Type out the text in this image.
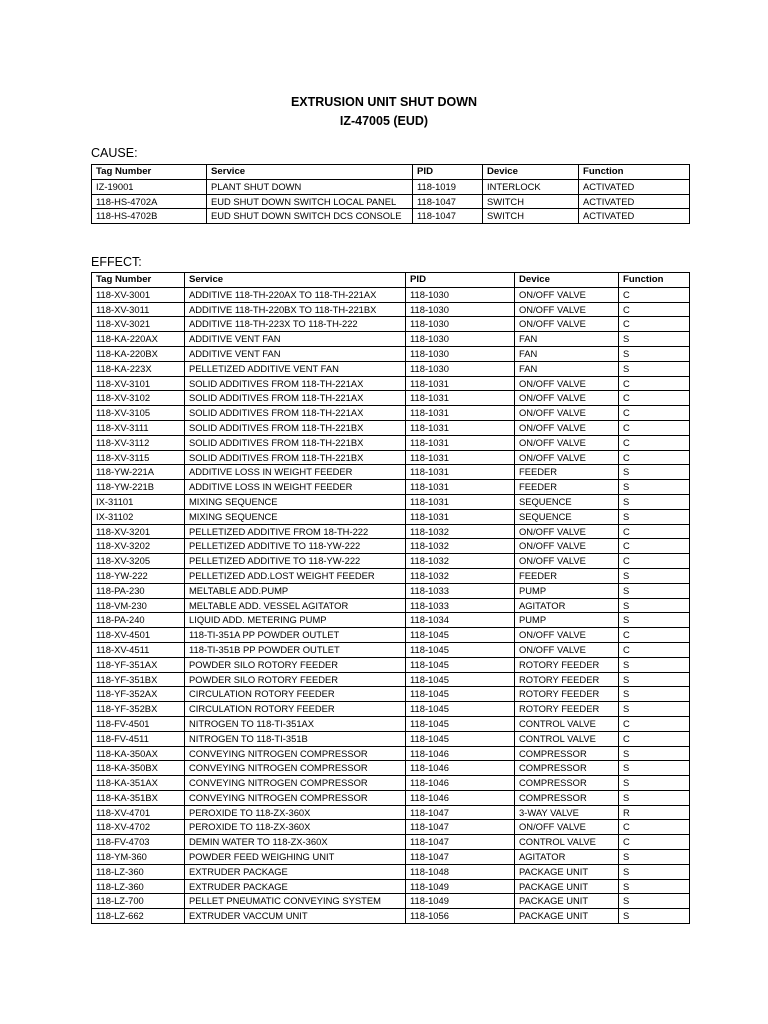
EXTRUSION UNIT SHUT DOWN
IZ-47005 (EUD)
CAUSE:
Tag Number	Service	PID	Device	Function
IZ-19001	PLANT SHUT DOWN	118-1019	INTERLOCK	ACTIVATED
118-HS-4702A	EUD SHUT DOWN SWITCH LOCAL PANEL	118-1047	SWITCH	ACTIVATED
118-HS-4702B	EUD SHUT DOWN SWITCH DCS CONSOLE	118-1047	SWITCH	ACTIVATED
EFFECT:
Tag Number	Service	PID	Device	Function
118-XV-3001	ADDITIVE 118-TH-220AX TO 118-TH-221AX	118-1030	ON/OFF VALVE	C
118-XV-3011	ADDITIVE 118-TH-220BX TO 118-TH-221BX	118-1030	ON/OFF VALVE	C
118-XV-3021	ADDITIVE 118-TH-223X TO 118-TH-222	118-1030	ON/OFF VALVE	C
118-KA-220AX	ADDITIVE VENT FAN	118-1030	FAN	S
118-KA-220BX	ADDITIVE VENT FAN	118-1030	FAN	S
118-KA-223X	PELLETIZED ADDITIVE VENT FAN	118-1030	FAN	S
118-XV-3101	SOLID ADDITIVES FROM 118-TH-221AX	118-1031	ON/OFF VALVE	C
118-XV-3102	SOLID ADDITIVES FROM 118-TH-221AX	118-1031	ON/OFF VALVE	C
118-XV-3105	SOLID ADDITIVES FROM 118-TH-221AX	118-1031	ON/OFF VALVE	C
118-XV-3111	SOLID ADDITIVES FROM 118-TH-221BX	118-1031	ON/OFF VALVE	C
118-XV-3112	SOLID ADDITIVES FROM 118-TH-221BX	118-1031	ON/OFF VALVE	C
118-XV-3115	SOLID ADDITIVES FROM 118-TH-221BX	118-1031	ON/OFF VALVE	C
118-YW-221A	ADDITIVE LOSS IN WEIGHT FEEDER	118-1031	FEEDER	S
118-YW-221B	ADDITIVE LOSS IN WEIGHT FEEDER	118-1031	FEEDER	S
IX-31101	MIXING SEQUENCE	118-1031	SEQUENCE	S
IX-31102	MIXING SEQUENCE	118-1031	SEQUENCE	S
118-XV-3201	PELLETIZED ADDITIVE FROM 18-TH-222	118-1032	ON/OFF VALVE	C
118-XV-3202	PELLETIZED ADDITIVE TO 118-YW-222	118-1032	ON/OFF VALVE	C
118-XV-3205	PELLETIZED ADDITIVE TO 118-YW-222	118-1032	ON/OFF VALVE	C
118-YW-222	PELLETIZED ADD.LOST WEIGHT FEEDER	118-1032	FEEDER	S
118-PA-230	MELTABLE ADD.PUMP	118-1033	PUMP	S
118-VM-230	MELTABLE ADD. VESSEL AGITATOR	118-1033	AGITATOR	S
118-PA-240	LIQUID ADD. METERING PUMP	118-1034	PUMP	S
118-XV-4501	118-TI-351A PP POWDER OUTLET	118-1045	ON/OFF VALVE	C
118-XV-4511	118-TI-351B PP POWDER OUTLET	118-1045	ON/OFF VALVE	C
118-YF-351AX	POWDER SILO ROTORY FEEDER	118-1045	ROTORY FEEDER	S
118-YF-351BX	POWDER SILO ROTORY FEEDER	118-1045	ROTORY FEEDER	S
118-YF-352AX	CIRCULATION ROTORY FEEDER	118-1045	ROTORY FEEDER	S
118-YF-352BX	CIRCULATION ROTORY FEEDER	118-1045	ROTORY FEEDER	S
118-FV-4501	NITROGEN TO 118-TI-351AX	118-1045	CONTROL VALVE	C
118-FV-4511	NITROGEN TO 118-TI-351B	118-1045	CONTROL VALVE	C
118-KA-350AX	CONVEYING NITROGEN COMPRESSOR	118-1046	COMPRESSOR	S
118-KA-350BX	CONVEYING NITROGEN COMPRESSOR	118-1046	COMPRESSOR	S
118-KA-351AX	CONVEYING NITROGEN COMPRESSOR	118-1046	COMPRESSOR	S
118-KA-351BX	CONVEYING NITROGEN COMPRESSOR	118-1046	COMPRESSOR	S
118-XV-4701	PEROXIDE TO 118-ZX-360X	118-1047	3-WAY VALVE	R
118-XV-4702	PEROXIDE TO 118-ZX-360X	118-1047	ON/OFF VALVE	C
118-FV-4703	DEMIN WATER TO 118-ZX-360X	118-1047	CONTROL VALVE	C
118-YM-360	POWDER FEED WEIGHING UNIT	118-1047	AGITATOR	S
118-LZ-360	EXTRUDER PACKAGE	118-1048	PACKAGE UNIT	S
118-LZ-360	EXTRUDER PACKAGE	118-1049	PACKAGE UNIT	S
118-LZ-700	PELLET PNEUMATIC CONVEYING SYSTEM	118-1049	PACKAGE UNIT	S
118-LZ-662	EXTRUDER VACCUM UNIT	118-1056	PACKAGE UNIT	S
